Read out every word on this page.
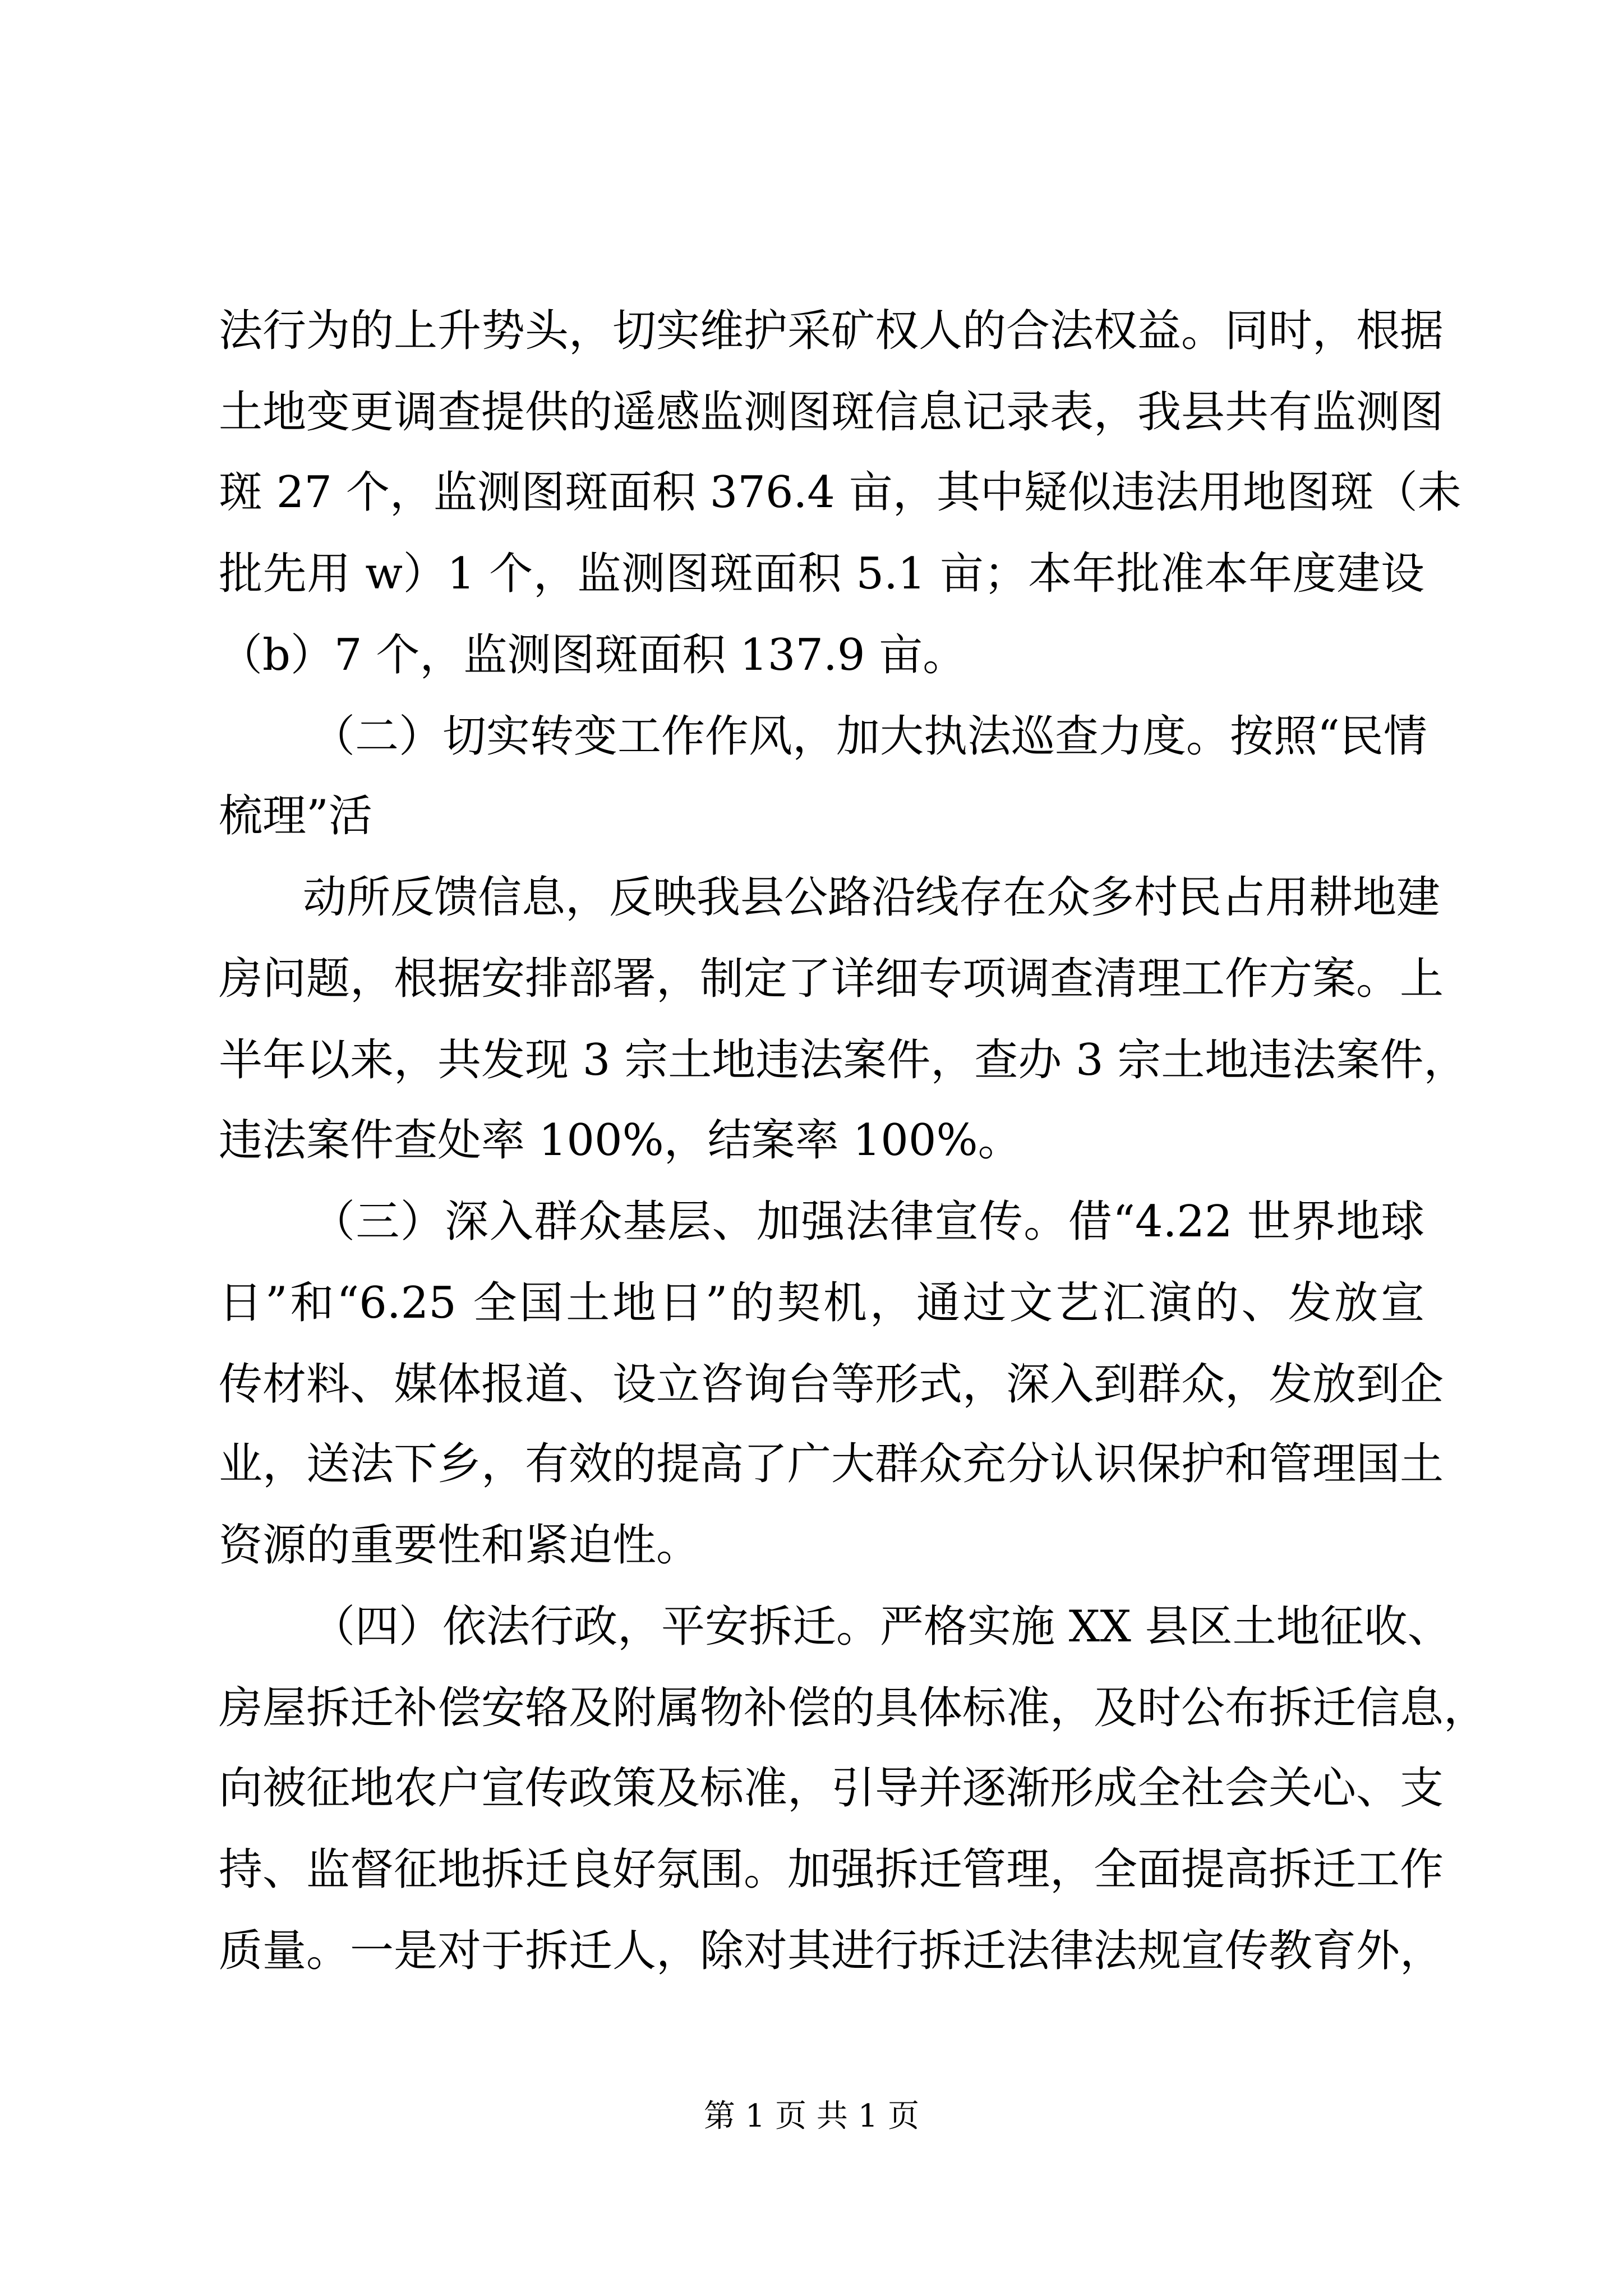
法行为的上升势头，切实维护采矿权人的合法权益。同时，根据
土地变更调查提供的遥感监测图斑信息记录表，我县共有监测图
斑 27 个，监测图斑面积 376.4 亩，其中疑似违法用地图斑（未
批先用 w）1 个，监测图斑面积 5.1 亩；本年批准本年度建设
（b）7 个，监测图斑面积 137.9 亩。
（二）切实转变工作作风，加大执法巡查力度。按照“民情
梳理”活
动所反馈信息，反映我县公路沿线存在众多村民占用耕地建
房问题，根据安排部署，制定了详细专项调查清理工作方案。上
半年以来，共发现 3 宗土地违法案件，查办 3 宗土地违法案件，
违法案件查处率 100%，结案率 100%。
（三）深入群众基层、加强法律宣传。借“4.22 世界地球
日”和“6.25 全国土地日”的契机，通过文艺汇演的、发放宣
传材料、媒体报道、设立咨询台等形式，深入到群众，发放到企
业，送法下乡，有效的提高了广大群众充分认识保护和管理国土
资源的重要性和紧迫性。
（四）依法行政，平安拆迁。严格实施 XX 县区土地征收、
房屋拆迁补偿安辂及附属物补偿的具体标准，及时公布拆迁信息，
向被征地农户宣传政策及标准，引导并逐渐形成全社会关心、支
持、监督征地拆迁良好氛围。加强拆迁管理，全面提高拆迁工作
质量。一是对于拆迁人，除对其进行拆迁法律法规宣传教育外，
第 1 页 共 1 页
